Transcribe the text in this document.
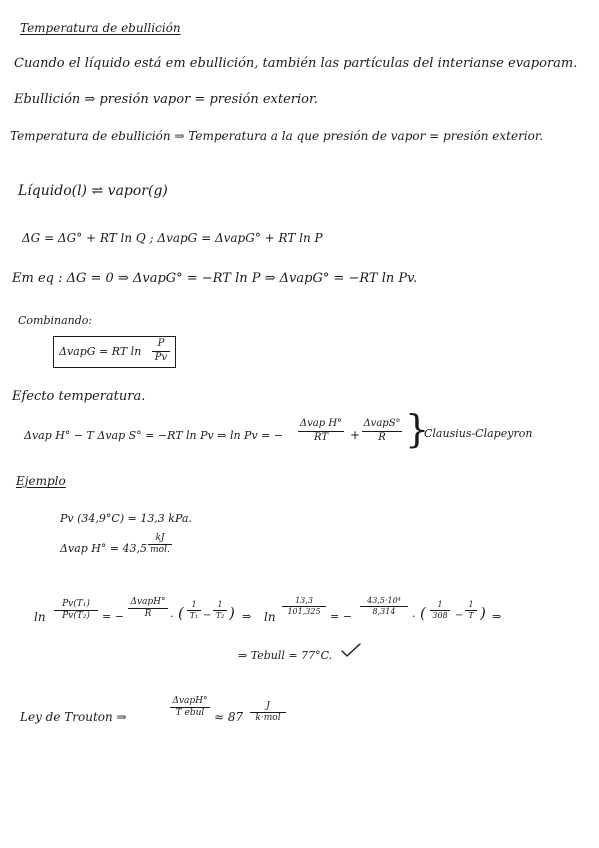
Temperatura de ebullición
Cuando el líquido está em ebullición, también las partículas del interianse evaporam.
Ebullición ⇒ presión vapor = presión exterior.
Temperatura de ebullición ⇒ Temperatura a la que presión de vapor = presión exterior.
Líquido(l) ⇌ vapor(g)
ΔG = ΔG° + RT ln Q ; ΔvapG = ΔvapG° + RT ln P
Em eq : ΔG = 0 ⇒ ΔvapG° = −RT ln P ⇒ ΔvapG° = −RT ln Pv.
Combinando:
ΔvapG = RT ln
P
Pv
Efecto temperatura.
Δvap H° − T Δvap S° = −RT ln Pv ⇒ ln Pv = −
Δvap H°
RT +
ΔvapS°
R }
Clausius-Clapeyron
Ejemplo
Pv (34,9°C) = 13,3 kPa.
Δvap H° = 43,5
kJ
mol.
ln
Pv(T₁)
Pv(T₂) = −
ΔvapH°
R · ( 1
T₁ −
1
T₂ ) ⇒ ln
13,3
101,325 = −
43,5·10⁴
8,314 · ( 1
308 −
1
T ) ⇒
⇒ Tebull = 77°C.
Ley de Trouton ⇒
ΔvapH°
T ebul ≈ 87
J
k·mol
